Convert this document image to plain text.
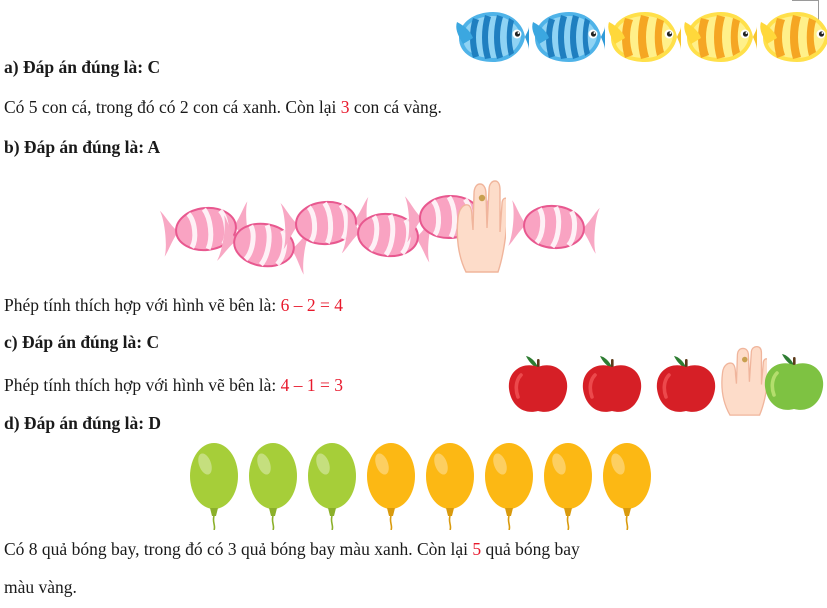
a) Đáp án đúng là: C
Có 5 con cá, trong đó có 2 con cá xanh. Còn lại 3 con cá vàng.
b) Đáp án đúng là: A
Phép tính thích hợp với hình vẽ bên là: 6 – 2 = 4
c) Đáp án đúng là: C
Phép tính thích hợp với hình vẽ bên là: 4 – 1 = 3
d) Đáp án đúng là: D
Có 8 quả bóng bay, trong đó có 3 quả bóng bay màu xanh. Còn lại 5 quả bóng bay
màu vàng.
